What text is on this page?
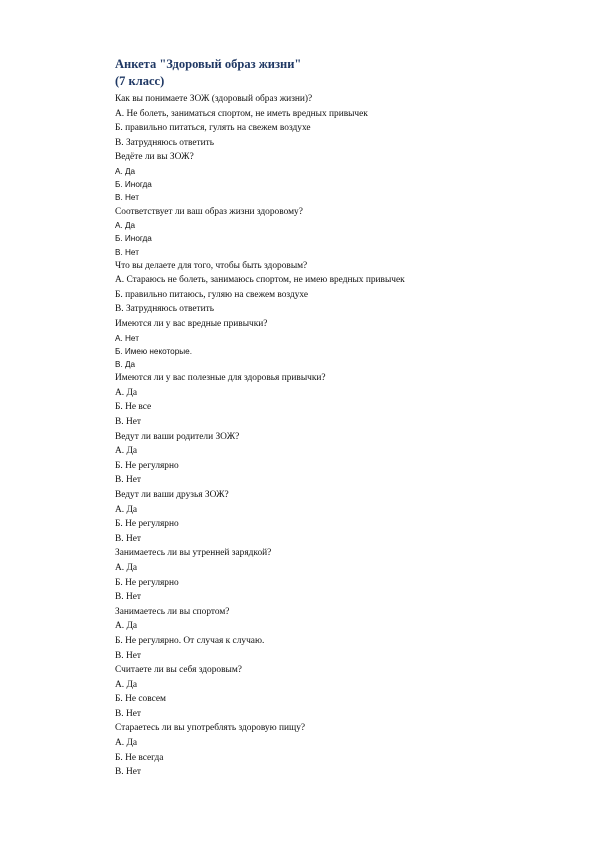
Анкета "Здоровый образ жизни"
(7 класс)
Как вы понимаете ЗОЖ (здоровый образ жизни)?
А. Не болеть, заниматься спортом, не иметь вредных привычек
Б. правильно питаться, гулять на свежем воздухе
В. Затрудняюсь ответить
Ведёте ли вы ЗОЖ?
А. Да
Б. Иногда
В. Нет
Соответствует ли ваш образ жизни здоровому?
А. Да
Б. Иногда
В. Нет
Что вы делаете для того, чтобы быть здоровым?
А. Стараюсь не болеть, занимаюсь спортом, не имею вредных привычек
Б. правильно питаюсь, гуляю на свежем воздухе
В. Затрудняюсь ответить
Имеются ли у вас вредные привычки?
А. Нет
Б. Имею некоторые.
В. Да
Имеются ли у вас полезные для здоровья привычки?
А. Да
Б. Не все
В. Нет
Ведут ли ваши родители ЗОЖ?
А. Да
Б. Не регулярно
В. Нет
Ведут ли ваши друзья ЗОЖ?
А. Да
Б. Не регулярно
В. Нет
Занимаетесь ли вы утренней зарядкой?
А. Да
Б. Не регулярно
В. Нет
Занимаетесь ли вы спортом?
А. Да
Б. Не регулярно. От случая к случаю.
В. Нет
Считаете ли вы себя здоровым?
А. Да
Б. Не совсем
В. Нет
Стараетесь ли вы употреблять здоровую пищу?
А. Да
Б. Не всегда
В. Нет
